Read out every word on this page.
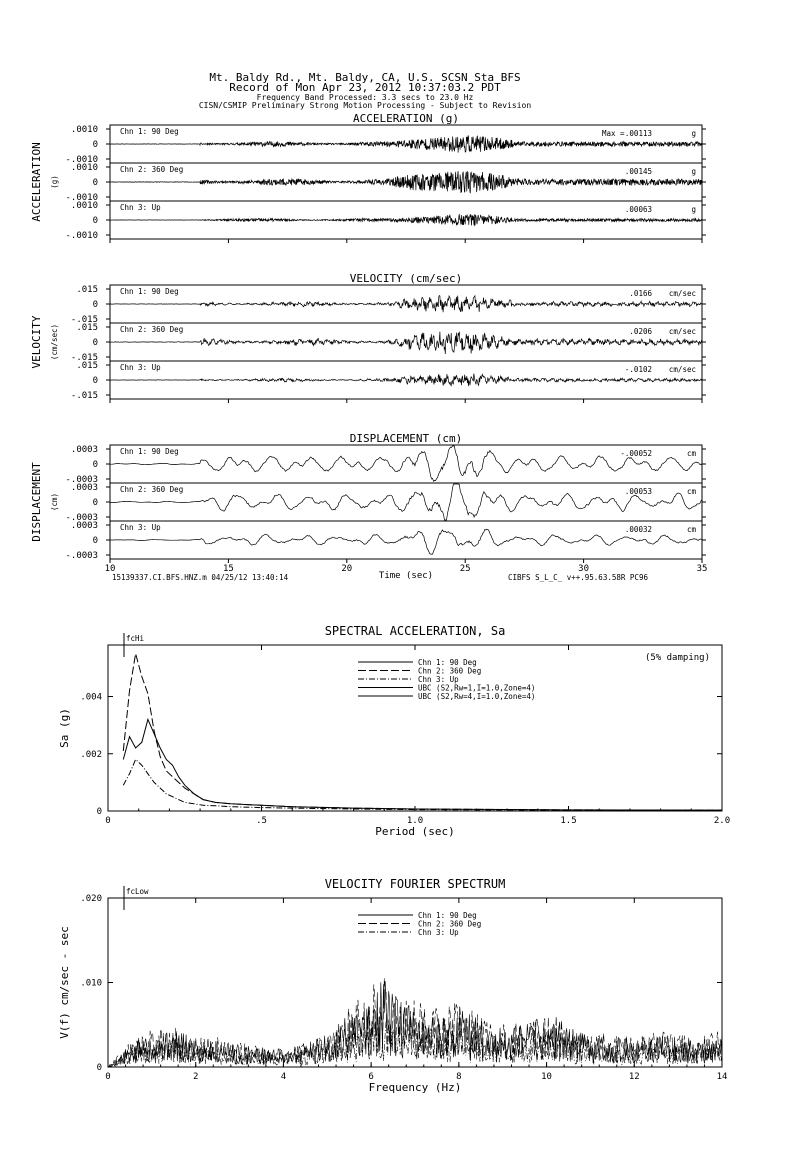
Mt. Baldy Rd., Mt. Baldy, CA, U.S. SCSN Sta BFS
Record of Mon Apr 23, 2012 10:37:03.2 PDT
Frequency Band Processed: 3.3 secs to 23.0 Hz
CISN/CSMIP Preliminary Strong Motion Processing - Subject to Revision
ACCELERATION (g)
ACCELERATION (g)
.0010
0
-.0010
Chn 1: 90 Deg	Max = .00113	g
.0010
0
-.0010
Chn 2: 360 Deg	.00145	g
.0010
0
-.0010
Chn 3: Up	.00063	g
VELOCITY (cm/sec)
VELOCITY (cm/sec)
.015
0
-.015
Chn 1: 90 Deg	.0166 cm/sec
.015
0
-.015
Chn 2: 360 Deg	.0206 cm/sec
.015
0
-.015
Chn 3: Up	-.0102 cm/sec
DISPLACEMENT (cm)
DISPLACEMENT (cm)
.0003
0
-.0003
Chn 1: 90 Deg	-.00052	cm
.0003
0
-.0003
Chn 2: 360 Deg	.00053	cm
.0003
0
-.0003
Chn 3: Up	.00032	cm
10	15	20	25	30	35
Time (sec)
15139337.CI.BFS.HNZ.m 04/25/12 13:40:14	CIBFS S_L_C_ v++.95.63.58R PC96
SPECTRAL ACCELERATION, Sa
0	.5	1.0	1.5	2.0
0
.002
.004
Period (sec)
Sa (g)
fcHi
(5% damping)
Chn 1: 90 Deg
Chn 2: 360 Deg
Chn 3: Up
UBC (S2,Rw=1,I=1.0,Zone=4)
UBC (S2,Rw=4,I=1.0,Zone=4)
VELOCITY FOURIER SPECTRUM
0	2	4	6	8	10	12	14
0
.010
.020
Frequency (Hz)
V(f) cm/sec - sec
fcLow
Chn 1: 90 Deg
Chn 2: 360 Deg
Chn 3: Up
